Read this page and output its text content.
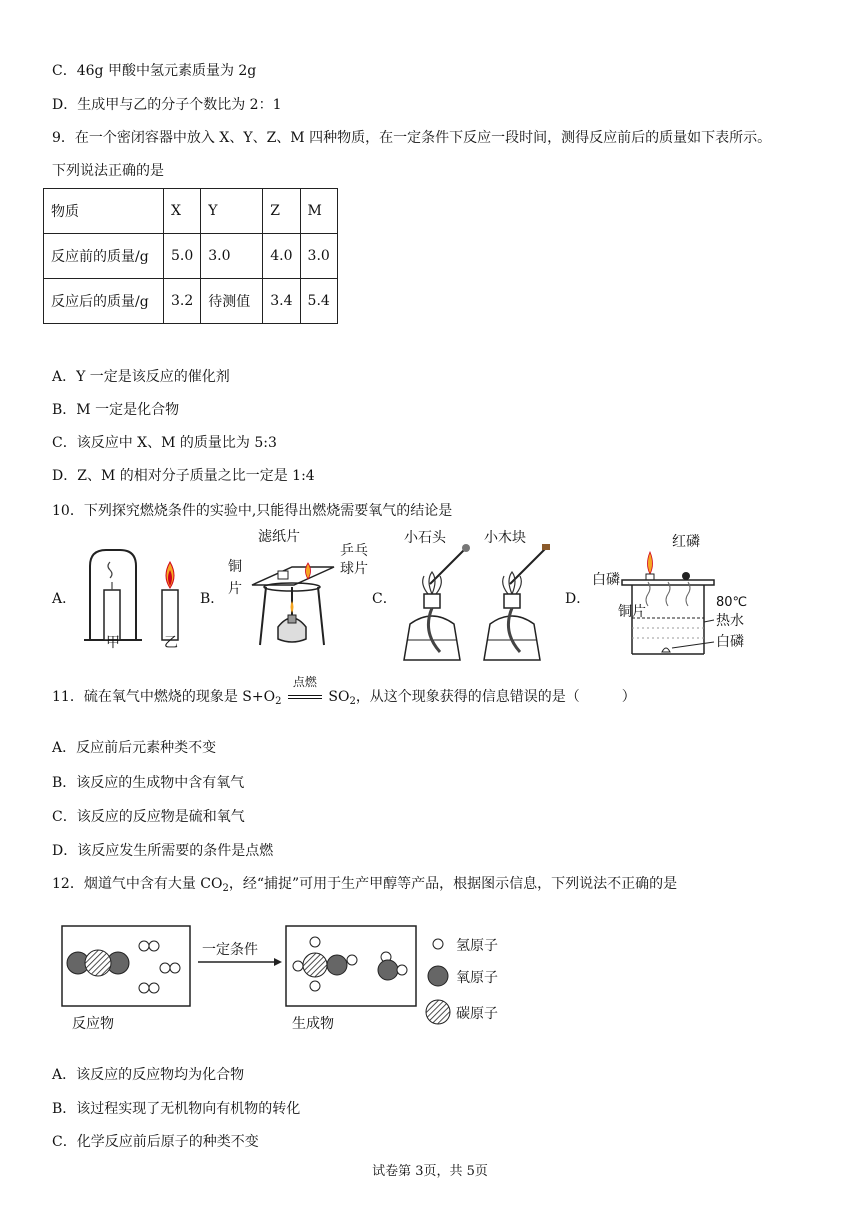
C．46g 甲酸中氢元素质量为 2g
D．生成甲与乙的分子个数比为 2：1
9．在一个密闭容器中放入 X、Y、Z、M 四种物质，在一定条件下反应一段时间，测得反应前后的质量如下表所示。
下列说法正确的是
物质	X	Y	Z	M
反应前的质量/g	5.0	3.0	4.0	3.0
反应后的质量/g	3.2	待测值	3.4	5.4
A．Y 一定是该反应的催化剂
B．M 一定是化合物
C．该反应中 X、M 的质量比为 5:3
D．Z、M 的相对分子质量之比一定是 1:4
10．下列探究燃烧条件的实验中,只能得出燃烧需要氧气的结论是
A．	B．	C．	D．
甲	乙
滤纸片
乒乓
球片
铜
片
小石头	小木块	红磷
白磷
铜片
80℃
热水
白磷
11．硫在氧气中燃烧的现象是 $S+O_2$
点燃
$SO_2$，从这个现象获得的信息错误的是（　　　）
A．反应前后元素种类不变
B．该反应的生成物中含有氧气
C．该反应的反应物是硫和氧气
D．该反应发生所需要的条件是点燃
12．烟道气中含有大量 $CO_2$，经“捕捉”可用于生产甲醇等产品，根据图示信息，下列说法不正确的是
反应物
一定条件
生成物
氢原子
氧原子
碳原子
A．该反应的反应物均为化合物
B．该过程实现了无机物向有机物的转化
C．化学反应前后原子的种类不变
试卷第 3页，共 5页
